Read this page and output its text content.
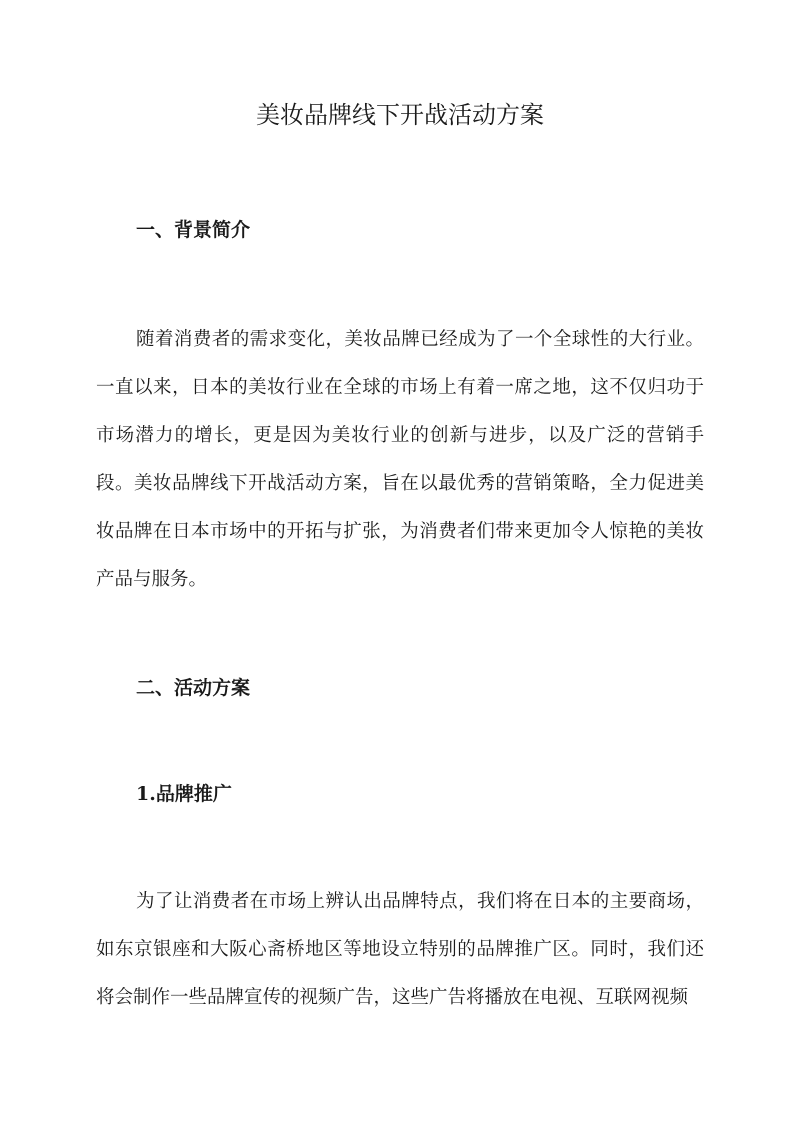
美妆品牌线下开战活动方案
一、背景简介

随着消费者的需求变化，美妆品牌已经成为了一个全球性的大行业。一直以来，日本的美妆行业在全球的市场上有着一席之地，这不仅归功于市场潜力的增长，更是因为美妆行业的创新与进步，以及广泛的营销手段。美妆品牌线下开战活动方案，旨在以最优秀的营销策略，全力促进美妆品牌在日本市场中的开拓与扩张，为消费者们带来更加令人惊艳的美妆产品与服务。

二、活动方案
1.品牌推广

为了让消费者在市场上辨认出品牌特点，我们将在日本的主要商场，如东京银座和大阪心斋桥地区等地设立特别的品牌推广区。同时，我们还将会制作一些品牌宣传的视频广告，这些广告将播放在电视、互联网视频
